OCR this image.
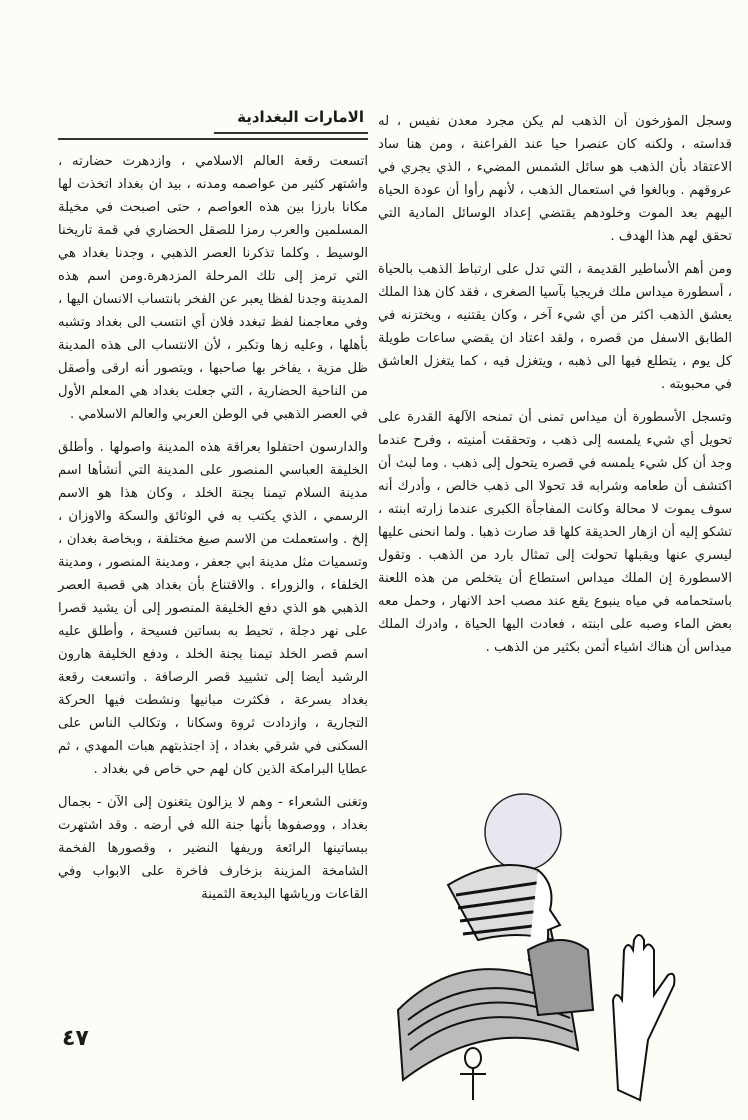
وسجل المؤرخون أن الذهب لم يكن مجرد معدن نفيس ، له قداسته ، ولكنه كان عنصرا حيا عند الفراعنة ، ومن هنا ساد الاعتقاد بأن الذهب هو سائل الشمس المضيء ، الذي يجري في عروقهم . وبالغوا في استعمال الذهب ، لأنهم رأوا أن عودة الحياة اليهم بعد الموت وخلودهم يقتضي إعداد الوسائل المادية التي تحقق لهم هذا الهدف .

ومن أهم الأساطير القديمة ، التي تدل على ارتباط الذهب بالحياة ، أسطورة ميداس ملك فريجيا بآسيا الصغرى ، فقد كان هذا الملك يعشق الذهب اكثر من أي شيء آخر ، وكان يقتنيه ، ويختزنه في الطابق الاسفل من قصره ، ولقد اعتاد ان يقضي ساعات طويلة كل يوم ، يتطلع فيها الى ذهبه ، ويتغزل فيه ، كما يتغزل العاشق في محبوبته .

وتسجل الأسطورة أن ميداس تمنى أن تمنحه الآلهة القدرة على تحويل أي شيء يلمسه إلى ذهب ، وتحققت أمنيته ، وفرح عندما وجد أن كل شيء يلمسه في قصره يتحول إلى ذهب . وما لبث أن اكتشف أن طعامه وشرابه قد تحولا الى ذهب خالص ، وأدرك أنه سوف يموت لا محالة وكانت المفاجأة الكبرى عندما زارته ابنته ، تشكو إليه أن ازهار الحديقة كلها قد صارت ذهبا . ولما انحنى عليها ليسري عنها ويقبلها تحولت إلى تمثال بارد من الذهب . وتقول الاسطورة إن الملك ميداس استطاع أن يتخلص من هذه اللعنة باستحمامه في مياه ينبوع يقع عند مصب احد الانهار ، وحمل معه بعض الماء وصبه على ابنته ، فعادت اليها الحياة ، وادرك الملك ميداس أن هناك اشياء أثمن بكثير من الذهب .

الامارات البغدادية

اتسعت رقعة العالم الاسلامي ، وازدهرت حضارته ، واشتهر كثير من عواصمه ومدنه ، بيد ان بغداد اتخذت لها مكانا بارزا بين هذه العواصم ، حتى اصبحت في مخيلة المسلمين والعرب رمزا للصقل الحضاري في قمة تاريخنا الوسيط . وكلما تذكرنا العصر الذهبي ، وجدنا بغداد هي التي ترمز إلى تلك المرحلة المزدهرة.ومن اسم هذه المدينة وجدنا لفظا يعبر عن الفخر بانتساب الانسان اليها ، وفي معاجمنا لفظ تبغدد فلان أي انتسب الى بغداد وتشبه بأهلها ، وعليه زها وتكبر ، لأن الانتساب الى هذه المدينة ظل مزية ، يفاخر بها صاحبها ، ويتصور أنه ارقى وأصقل من الناحية الحضارية ، التي جعلت بغداد هي المعلم الأول في العصر الذهبي في الوطن العربي والعالم الاسلامي .

والدارسون احتفلوا بعراقة هذه المدينة واصولها . وأطلق الخليفة العباسي المنصور على المدينة التي أنشأها اسم مدينة السلام تيمنا بجنة الخلد ، وكان هذا هو الاسم الرسمي ، الذي يكتب به في الوثائق والسكة والاوزان ، إلخ . واستعملت من الاسم صيغ مختلفة ، وبخاصة بغدان ، وتسميات مثل مدينة ابي جعفر ، ومدينة المنصور ، ومدينة الخلفاء ، والزوراء . والاقتناع بأن بغداد هي قصبة العصر الذهبي هو الذي دفع الخليفة المنصور إلى أن يشيد قصرا على نهر دجلة ، تحيط به بساتين فسيحة ، وأطلق عليه اسم قصر الخلد تيمنا بجنة الخلد ، ودفع الخليفة هارون الرشيد أيضا إلى تشييد قصر الرصافة . واتسعت رقعة بغداد بسرعة ، فكثرت مبانيها ونشطت فيها الحركة التجارية ، وازدادت ثروة وسكانا ، وتكالب الناس على السكنى في شرقي بغداد ، إذ اجتذبتهم هبات المهدي ، ثم عطايا البرامكة الذين كان لهم حي خاص في بغداد .

وتغنى الشعراء - وهم لا يزالون يتغنون إلى الآن - بجمال بغداد ، ووصفوها بأنها جنة الله في أرضه . وقد اشتهرت ببساتينها الرائعة وريفها النضير ، وقصورها الفخمة الشامخة المزينة بزخارف فاخرة على الابواب وفي القاعات ورياشها البديعة الثمينة

٤٧
